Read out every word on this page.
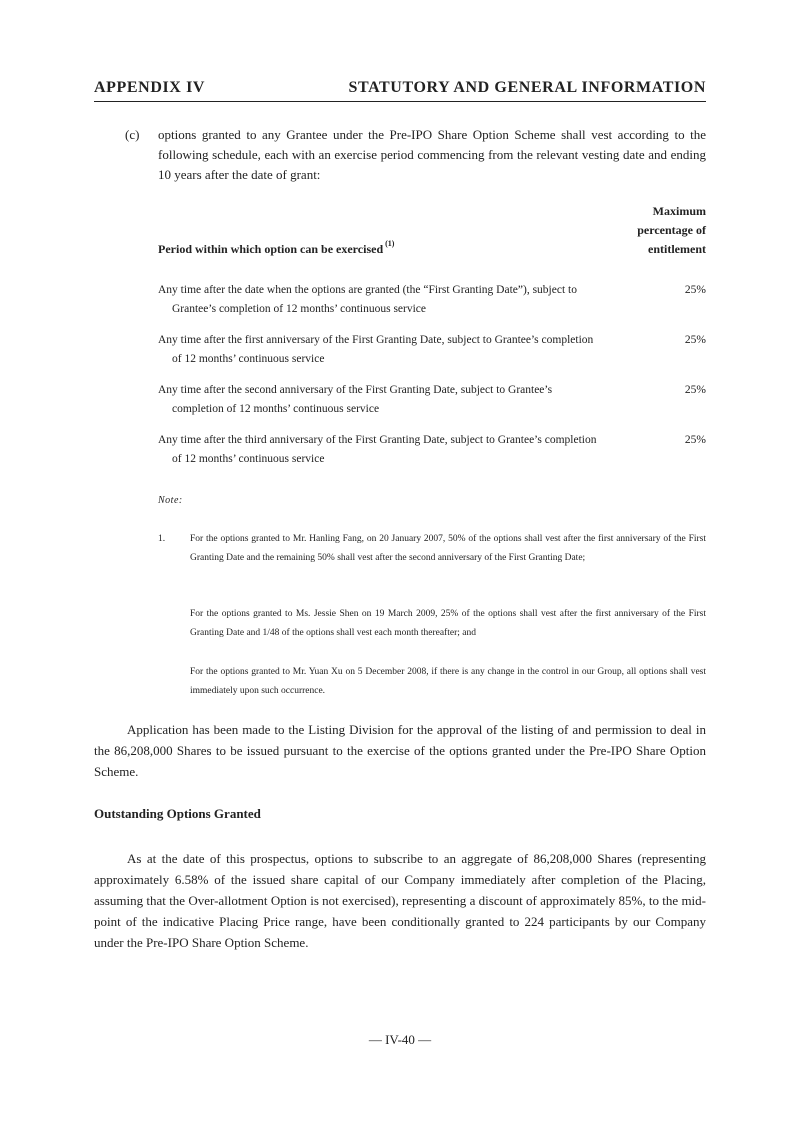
APPENDIX IV	STATUTORY AND GENERAL INFORMATION
(c) options granted to any Grantee under the Pre-IPO Share Option Scheme shall vest according to the following schedule, each with an exercise period commencing from the relevant vesting date and ending 10 years after the date of grant:
Period within which option can be exercised $^{(1)}$
Maximum
percentage of
entitlement
Any time after the date when the options are granted (the “First Granting Date”), subject to Grantee’s completion of 12 months’ continuous service
25%
Any time after the first anniversary of the First Granting Date, subject to Grantee’s completion of 12 months’ continuous service
25%
Any time after the second anniversary of the First Granting Date, subject to Grantee’s completion of 12 months’ continuous service
25%
Any time after the third anniversary of the First Granting Date, subject to Grantee’s completion of 12 months’ continuous service
25%
Note:
1.	For the options granted to Mr. Hanling Fang, on 20 January 2007, 50% of the options shall vest after the first anniversary of the First Granting Date and the remaining 50% shall vest after the second anniversary of the First Granting Date;
For the options granted to Ms. Jessie Shen on 19 March 2009, 25% of the options shall vest after the first anniversary of the First Granting Date and 1/48 of the options shall vest each month thereafter; and
For the options granted to Mr. Yuan Xu on 5 December 2008, if there is any change in the control in our Group, all options shall vest immediately upon such occurrence.
Application has been made to the Listing Division for the approval of the listing of and permission to deal in the 86,208,000 Shares to be issued pursuant to the exercise of the options granted under the Pre-IPO Share Option Scheme.
Outstanding Options Granted
As at the date of this prospectus, options to subscribe to an aggregate of 86,208,000 Shares (representing approximately 6.58% of the issued share capital of our Company immediately after completion of the Placing, assuming that the Over-allotment Option is not exercised), representing a discount of approximately 85%, to the mid-point of the indicative Placing Price range, have been conditionally granted to 224 participants by our Company under the Pre-IPO Share Option Scheme.
— IV-40 —
